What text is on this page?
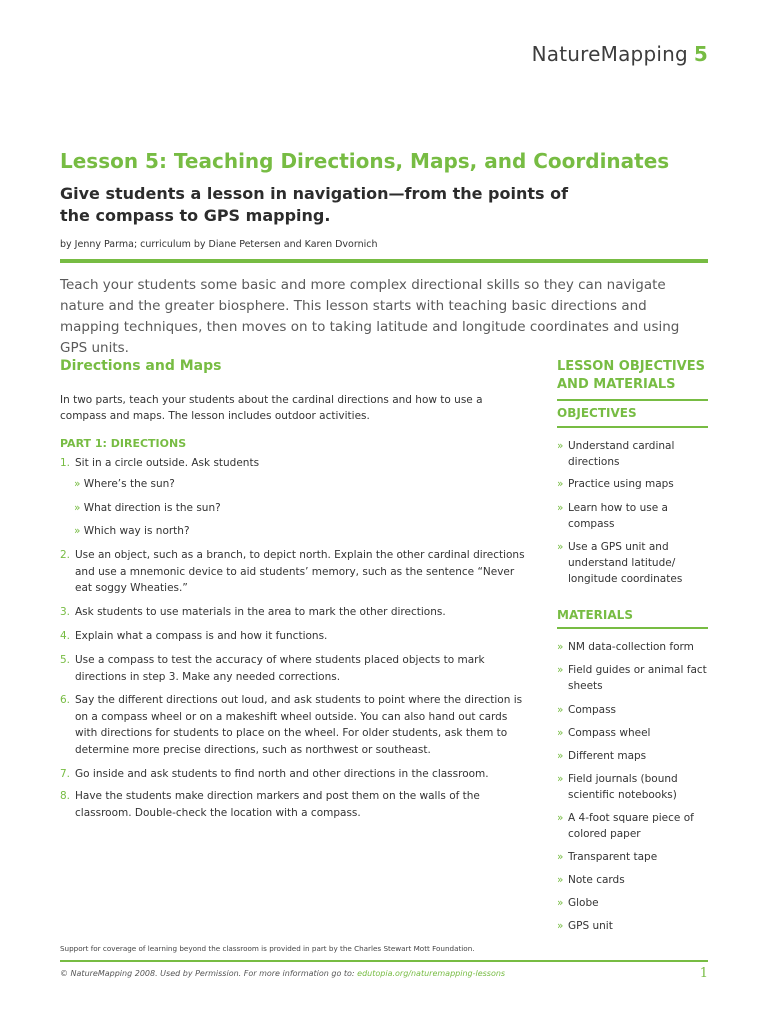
NatureMapping 5
Lesson 5: Teaching Directions, Maps, and Coordinates
Give students a lesson in navigation—from the points of the compass to GPS mapping.
by Jenny Parma; curriculum by Diane Petersen and Karen Dvornich
Teach your students some basic and more complex directional skills so they can navigate nature and the greater biosphere. This lesson starts with teaching basic directions and mapping techniques, then moves on to taking latitude and longitude coordinates and using GPS units.
Directions and Maps
In two parts, teach your students about the cardinal directions and how to use a compass and maps. The lesson includes outdoor activities.
PART 1: DIRECTIONS
1. Sit in a circle outside. Ask students
» Where’s the sun?
» What direction is the sun?
» Which way is north?
2. Use an object, such as a branch, to depict north. Explain the other cardinal directions and use a mnemonic device to aid students’ memory, such as the sentence “Never eat soggy Wheaties.”
3. Ask students to use materials in the area to mark the other directions.
4. Explain what a compass is and how it functions.
5. Use a compass to test the accuracy of where students placed objects to mark directions in step 3. Make any needed corrections.
6. Say the different directions out loud, and ask students to point where the direction is on a compass wheel or on a makeshift wheel outside. You can also hand out cards with directions for students to place on the wheel. For older students, ask them to determine more precise directions, such as northwest or southeast.
7. Go inside and ask students to find north and other directions in the classroom.
8. Have the students make direction markers and post them on the walls of the classroom. Double-check the location with a compass.
LESSON OBJECTIVES AND MATERIALS
OBJECTIVES
» Understand cardinal directions
» Practice using maps
» Learn how to use a compass
» Use a GPS unit and understand latitude/ longitude coordinates
MATERIALS
» NM data-collection form
» Field guides or animal fact sheets
» Compass
» Compass wheel
» Different maps
» Field journals (bound scientific notebooks)
» A 4-foot square piece of colored paper
» Transparent tape
» Note cards
» Globe
» GPS unit
Support for coverage of learning beyond the classroom is provided in part by the Charles Stewart Mott Foundation.
© NatureMapping 2008. Used by Permission. For more information go to: edutopia.org/naturemapping-lessons	1
